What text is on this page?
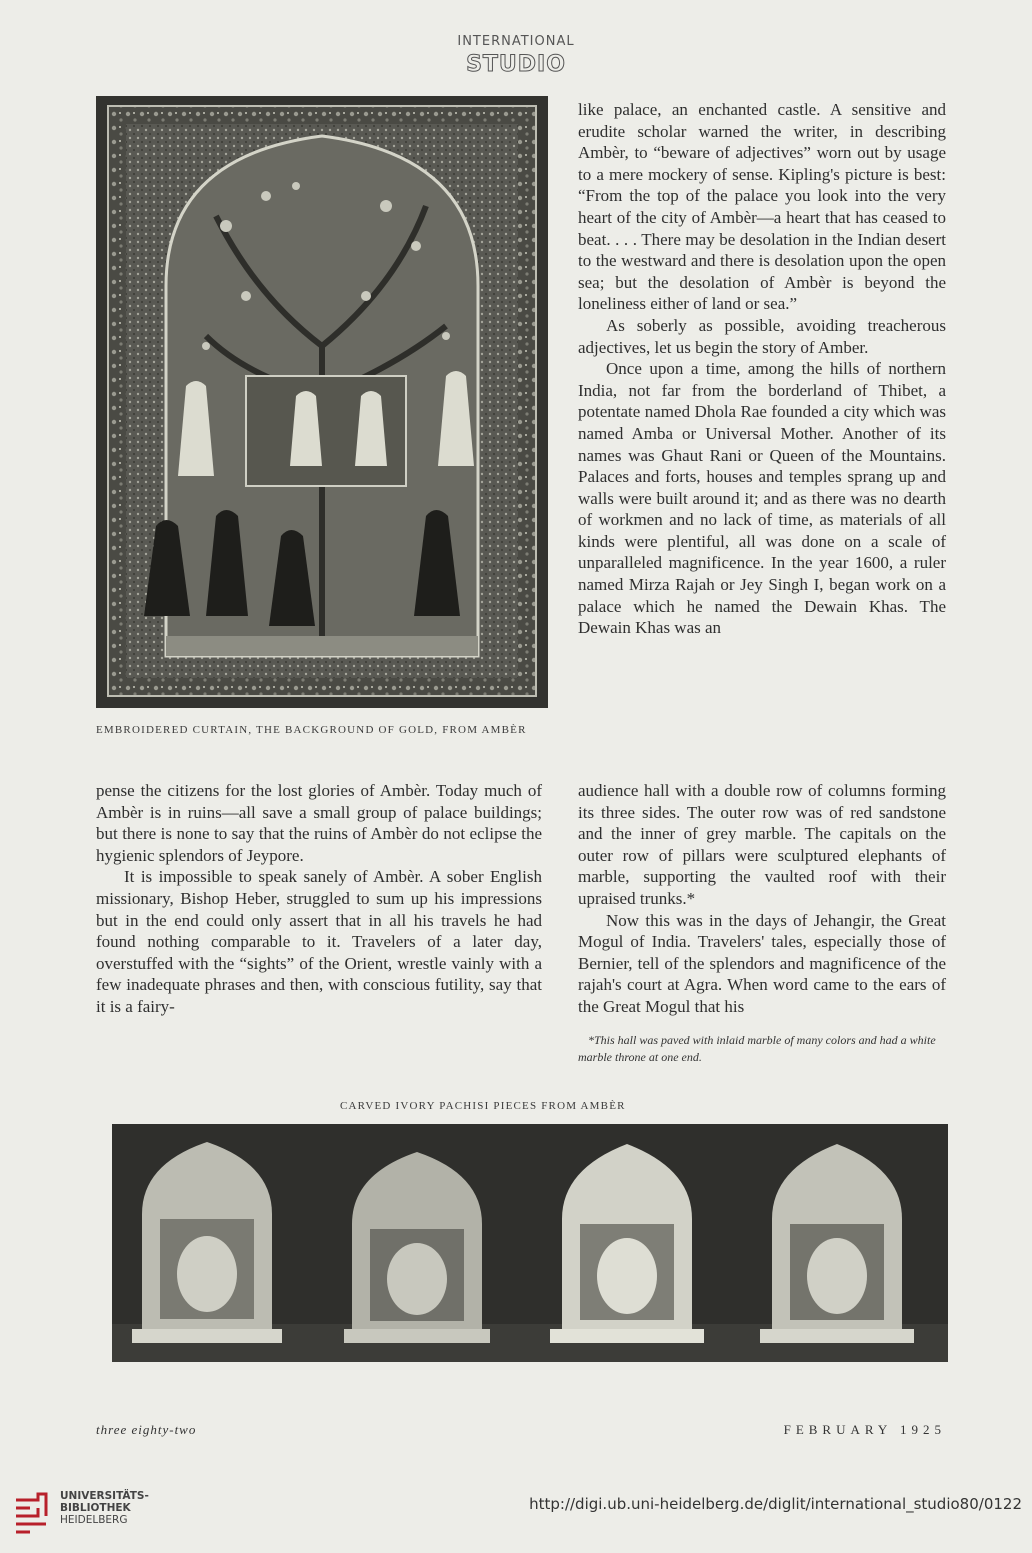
INTERNATIONAL
STUDIO
EMBROIDERED CURTAIN, THE BACKGROUND OF GOLD, FROM AMBÈR

like palace, an enchanted castle. A sensitive and erudite scholar warned the writer, in describing Ambèr, to “beware of adjectives” worn out by usage to a mere mockery of sense. Kipling's picture is best: “From the top of the palace you look into the very heart of the city of Ambèr—a heart that has ceased to beat. . . . There may be desolation in the Indian desert to the westward and there is desolation upon the open sea; but the desolation of Ambèr is beyond the loneliness either of land or sea.”

As soberly as possible, avoiding treacherous adjectives, let us begin the story of Amber.

Once upon a time, among the hills of northern India, not far from the borderland of Thibet, a potentate named Dhola Rae founded a city which was named Amba or Universal Mother. Another of its names was Ghaut Rani or Queen of the Mountains. Palaces and forts, houses and temples sprang up and walls were built around it; and as there was no dearth of workmen and no lack of time, as materials of all kinds were plentiful, all was done on a scale of unparalleled magnificence. In the year 1600, a ruler named Mirza Rajah or Jey Singh I, began work on a palace which he named the Dewain Khas. The Dewain Khas was an

pense the citizens for the lost glories of Ambèr. Today much of Ambèr is in ruins—all save a small group of palace buildings; but there is none to say that the ruins of Ambèr do not eclipse the hygienic splendors of Jeypore.

It is impossible to speak sanely of Ambèr. A sober English missionary, Bishop Heber, struggled to sum up his impressions but in the end could only assert that in all his travels he had found nothing comparable to it. Travelers of a later day, overstuffed with the “sights” of the Orient, wrestle vainly with a few inadequate phrases and then, with conscious futility, say that it is a fairy-

audience hall with a double row of columns forming its three sides. The outer row was of red sandstone and the inner of grey marble. The capitals on the outer row of pillars were sculptured elephants of marble, supporting the vaulted roof with their upraised trunks.*

Now this was in the days of Jehangir, the Great Mogul of India. Travelers' tales, especially those of Bernier, tell of the splendors and magnificence of the rajah's court at Agra. When word came to the ears of the Great Mogul that his

*This hall was paved with inlaid marble of many colors and had a white marble throne at one end.
CARVED IVORY PACHISI PIECES FROM AMBÈR
three eighty-two	FEBRUARY 1925
UNIVERSITÄTS-
BIBLIOTHEK
HEIDELBERG
http://digi.ub.uni-heidelberg.de/diglit/international_studio80/0122
